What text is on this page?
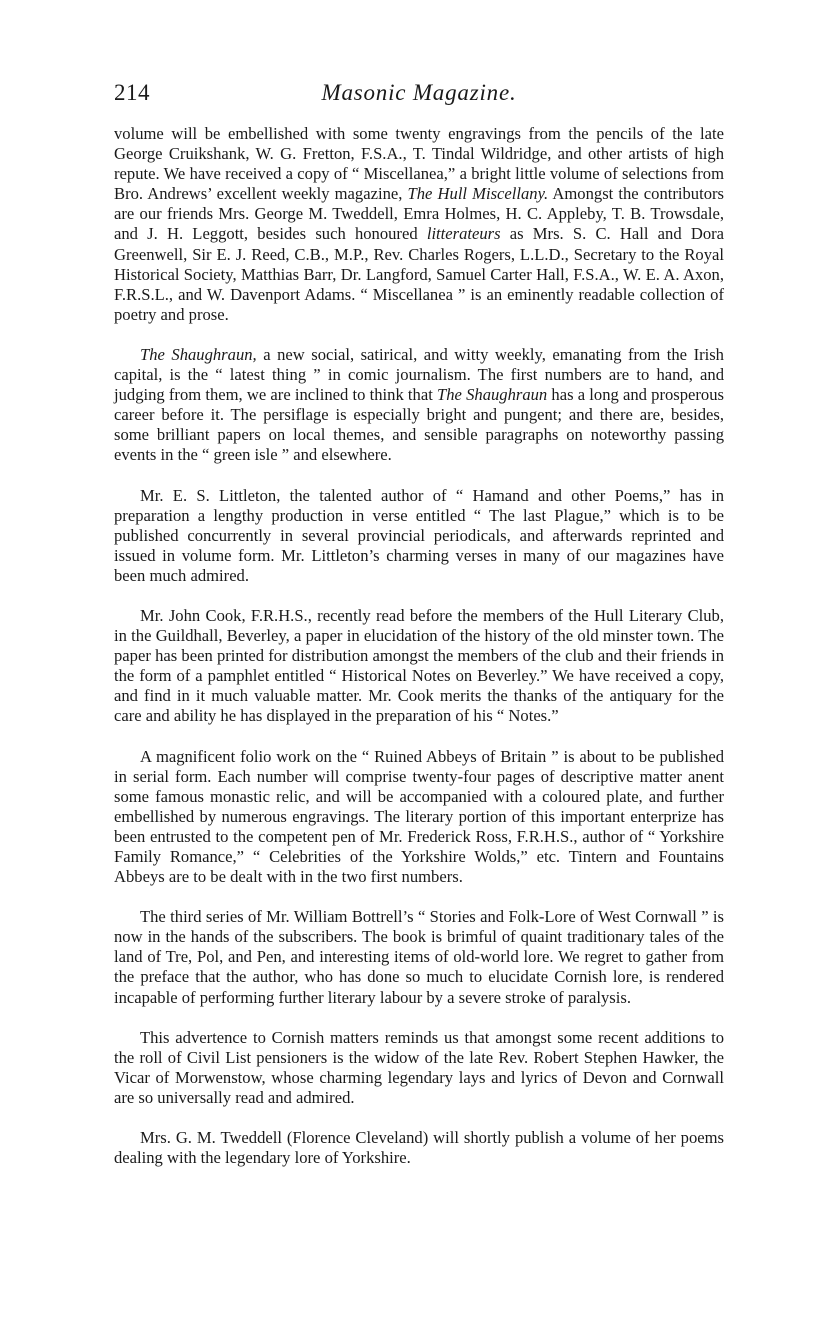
214	Masonic Magazine.

volume will be embellished with some twenty engravings from the pencils of the late George Cruikshank, W. G. Fretton, F.S.A., T. Tindal Wildridge, and other artists of high repute. We have received a copy of “ Miscellanea,” a bright little volume of selections from Bro. Andrews’ excellent weekly magazine, The Hull Miscellany. Amongst the contributors are our friends Mrs. George M. Tweddell, Emra Holmes, H. C. Appleby, T. B. Trowsdale, and J. H. Leggott, besides such honoured litterateurs as Mrs. S. C. Hall and Dora Greenwell, Sir E. J. Reed, C.B., M.P., Rev. Charles Rogers, L.L.D., Secretary to the Royal Historical Society, Matthias Barr, Dr. Langford, Samuel Carter Hall, F.S.A., W. E. A. Axon, F.R.S.L., and W. Davenport Adams. “ Miscellanea ” is an eminently readable collection of poetry and prose.

The Shaughraun, a new social, satirical, and witty weekly, emanating from the Irish capital, is the “ latest thing ” in comic journalism. The first numbers are to hand, and judging from them, we are inclined to think that The Shaughraun has a long and prosperous career before it. The persiflage is especially bright and pungent; and there are, besides, some brilliant papers on local themes, and sensible paragraphs on noteworthy passing events in the “ green isle ” and elsewhere.

Mr. E. S. Littleton, the talented author of “ Hamand and other Poems,” has in preparation a lengthy production in verse entitled “ The last Plague,” which is to be published concurrently in several provincial periodicals, and afterwards reprinted and issued in volume form. Mr. Littleton’s charming verses in many of our magazines have been much admired.

Mr. John Cook, F.R.H.S., recently read before the members of the Hull Literary Club, in the Guildhall, Beverley, a paper in elucidation of the history of the old minster town. The paper has been printed for distribution amongst the members of the club and their friends in the form of a pamphlet entitled “ Historical Notes on Beverley.” We have received a copy, and find in it much valuable matter. Mr. Cook merits the thanks of the antiquary for the care and ability he has displayed in the preparation of his “ Notes.”

A magnificent folio work on the “ Ruined Abbeys of Britain ” is about to be published in serial form. Each number will comprise twenty-four pages of descriptive matter anent some famous monastic relic, and will be accompanied with a coloured plate, and further embellished by numerous engravings. The literary portion of this important enterprize has been entrusted to the competent pen of Mr. Frederick Ross, F.R.H.S., author of “ Yorkshire Family Romance,” “ Celebrities of the Yorkshire Wolds,” etc. Tintern and Fountains Abbeys are to be dealt with in the two first numbers.

The third series of Mr. William Bottrell’s “ Stories and Folk-Lore of West Cornwall ” is now in the hands of the subscribers. The book is brimful of quaint traditionary tales of the land of Tre, Pol, and Pen, and interesting items of old-world lore. We regret to gather from the preface that the author, who has done so much to elucidate Cornish lore, is rendered incapable of performing further literary labour by a severe stroke of paralysis.

This advertence to Cornish matters reminds us that amongst some recent additions to the roll of Civil List pensioners is the widow of the late Rev. Robert Stephen Hawker, the Vicar of Morwenstow, whose charming legendary lays and lyrics of Devon and Cornwall are so universally read and admired.

Mrs. G. M. Tweddell (Florence Cleveland) will shortly publish a volume of her poems dealing with the legendary lore of Yorkshire.
